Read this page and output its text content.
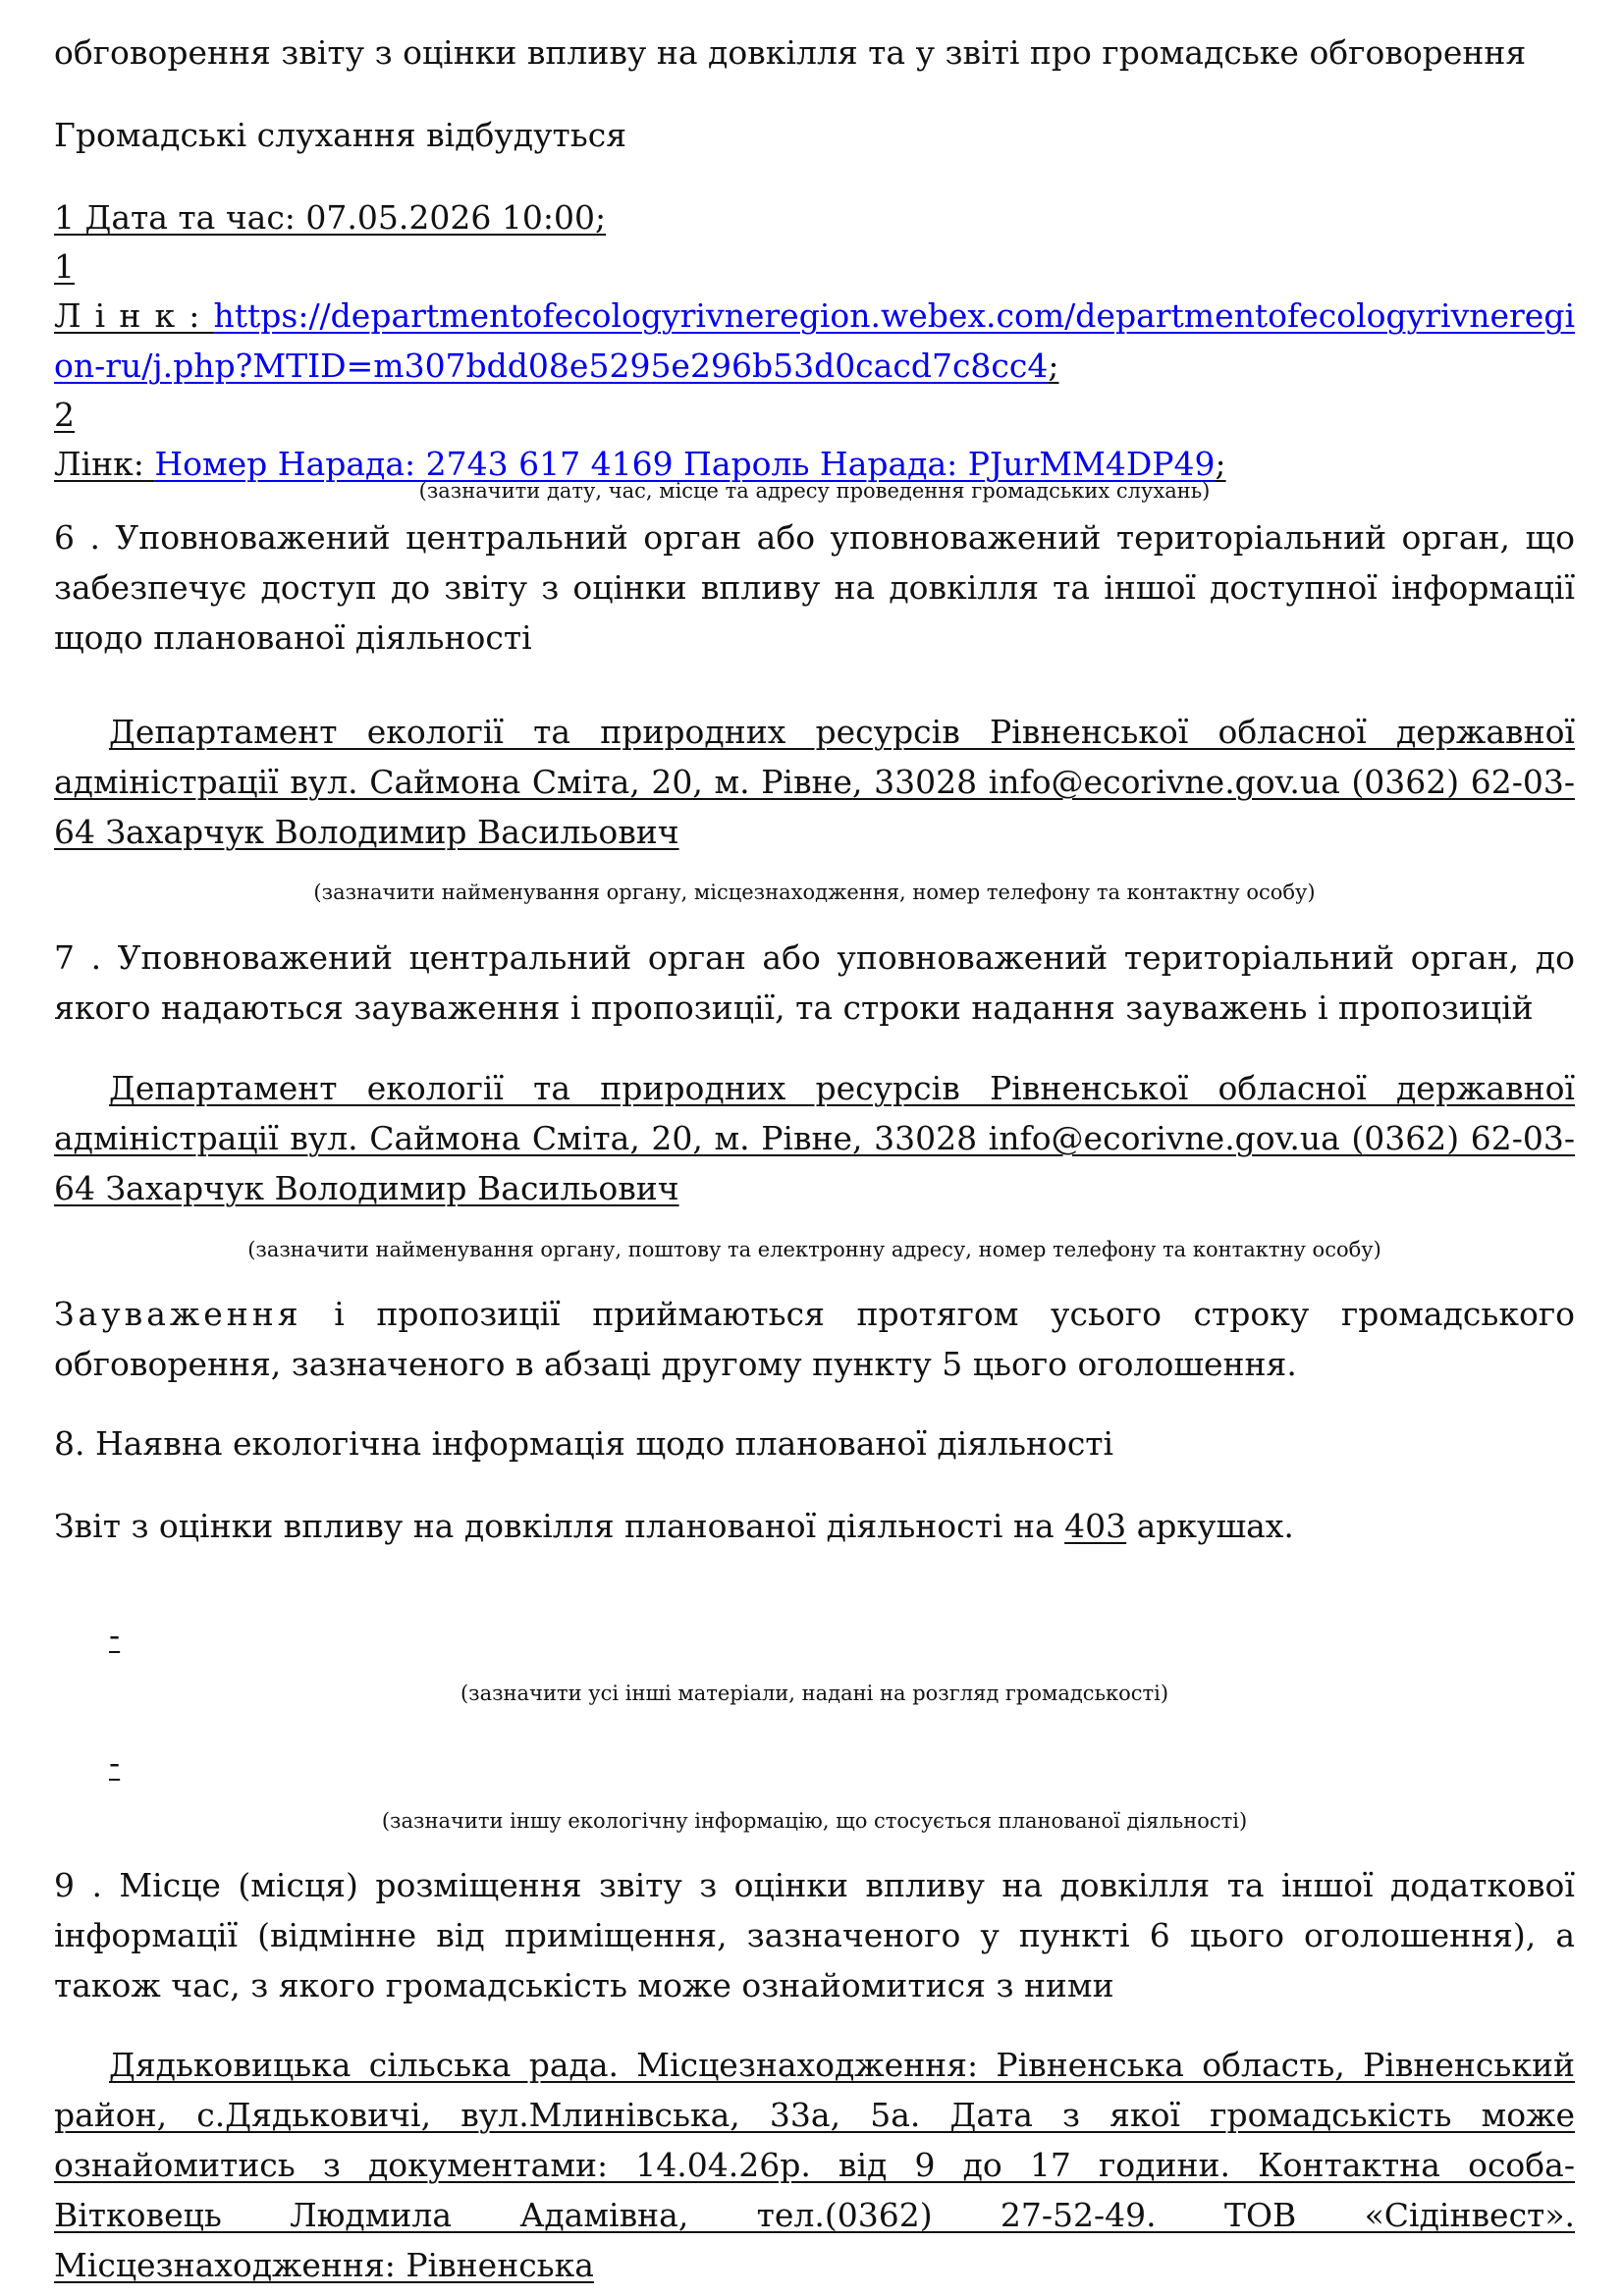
обговорення звіту з оцінки впливу на довкілля та у звіті про громадське обговорення

Громадські слухання відбудуться

1 Дата та час: 07.05.2026 10:00;

1

Л і н к : https://departmentofecologyrivneregion.webex.com/departmentofecologyrivneregion-ru/j.php?MTID=m307bdd08e5295e296b53d0cacd7c8cc4;

2

Лінк: Номер Нарада: 2743 617 4169 Пароль Нарада: PJurMM4DP49;

(зазначити дату, час, місце та адресу проведення громадських слухань)

6 . Уповноважений центральний орган або уповноважений територіальний орган, що забезпечує доступ до звіту з оцінки впливу на довкілля та іншої доступної інформації щодо планованої діяльності

Департамент екології та природних ресурсів Рівненської обласної державної адміністрації вул. Саймона Сміта, 20, м. Рівне, 33028 info@ecorivne.gov.ua (0362) 62-03-64 Захарчук Володимир Васильович

(зазначити найменування органу, місцезнаходження, номер телефону та контактну особу)

7 . Уповноважений центральний орган або уповноважений територіальний орган, до якого надаються зауваження і пропозиції, та строки надання зауважень і пропозицій

Департамент екології та природних ресурсів Рівненської обласної державної адміністрації вул. Саймона Сміта, 20, м. Рівне, 33028 info@ecorivne.gov.ua (0362) 62-03-64 Захарчук Володимир Васильович

(зазначити найменування органу, поштову та електронну адресу, номер телефону та контактну особу)

Зауваження і пропозиції приймаються протягом усього строку громадського обговорення, зазначеного в абзаці другому пункту 5 цього оголошення.

8. Наявна екологічна інформація щодо планованої діяльності

Звіт з оцінки впливу на довкілля планованої діяльності на 403 аркушах.

-

(зазначити усі інші матеріали, надані на розгляд громадськості)

-

(зазначити іншу екологічну інформацію, що стосується планованої діяльності)

9 . Місце (місця) розміщення звіту з оцінки впливу на довкілля та іншої додаткової інформації (відмінне від приміщення, зазначеного у пункті 6 цього оголошення), а також час, з якого громадськість може ознайомитися з ними

Дядьковицька сільська рада. Місцезнаходження: Рівненська область, Рівненський район, с.Дядьковичі, вул.Млинівська, 33а, 5а. Дата з якої громадськість може ознайомитись з документами: 14.04.26р. від 9 до 17 години. Контактна особа- Вітковець Людмила Адамівна, тел.(0362) 27-52-49. ТОВ «Сідінвест». Місцезнаходження: Рівненська
